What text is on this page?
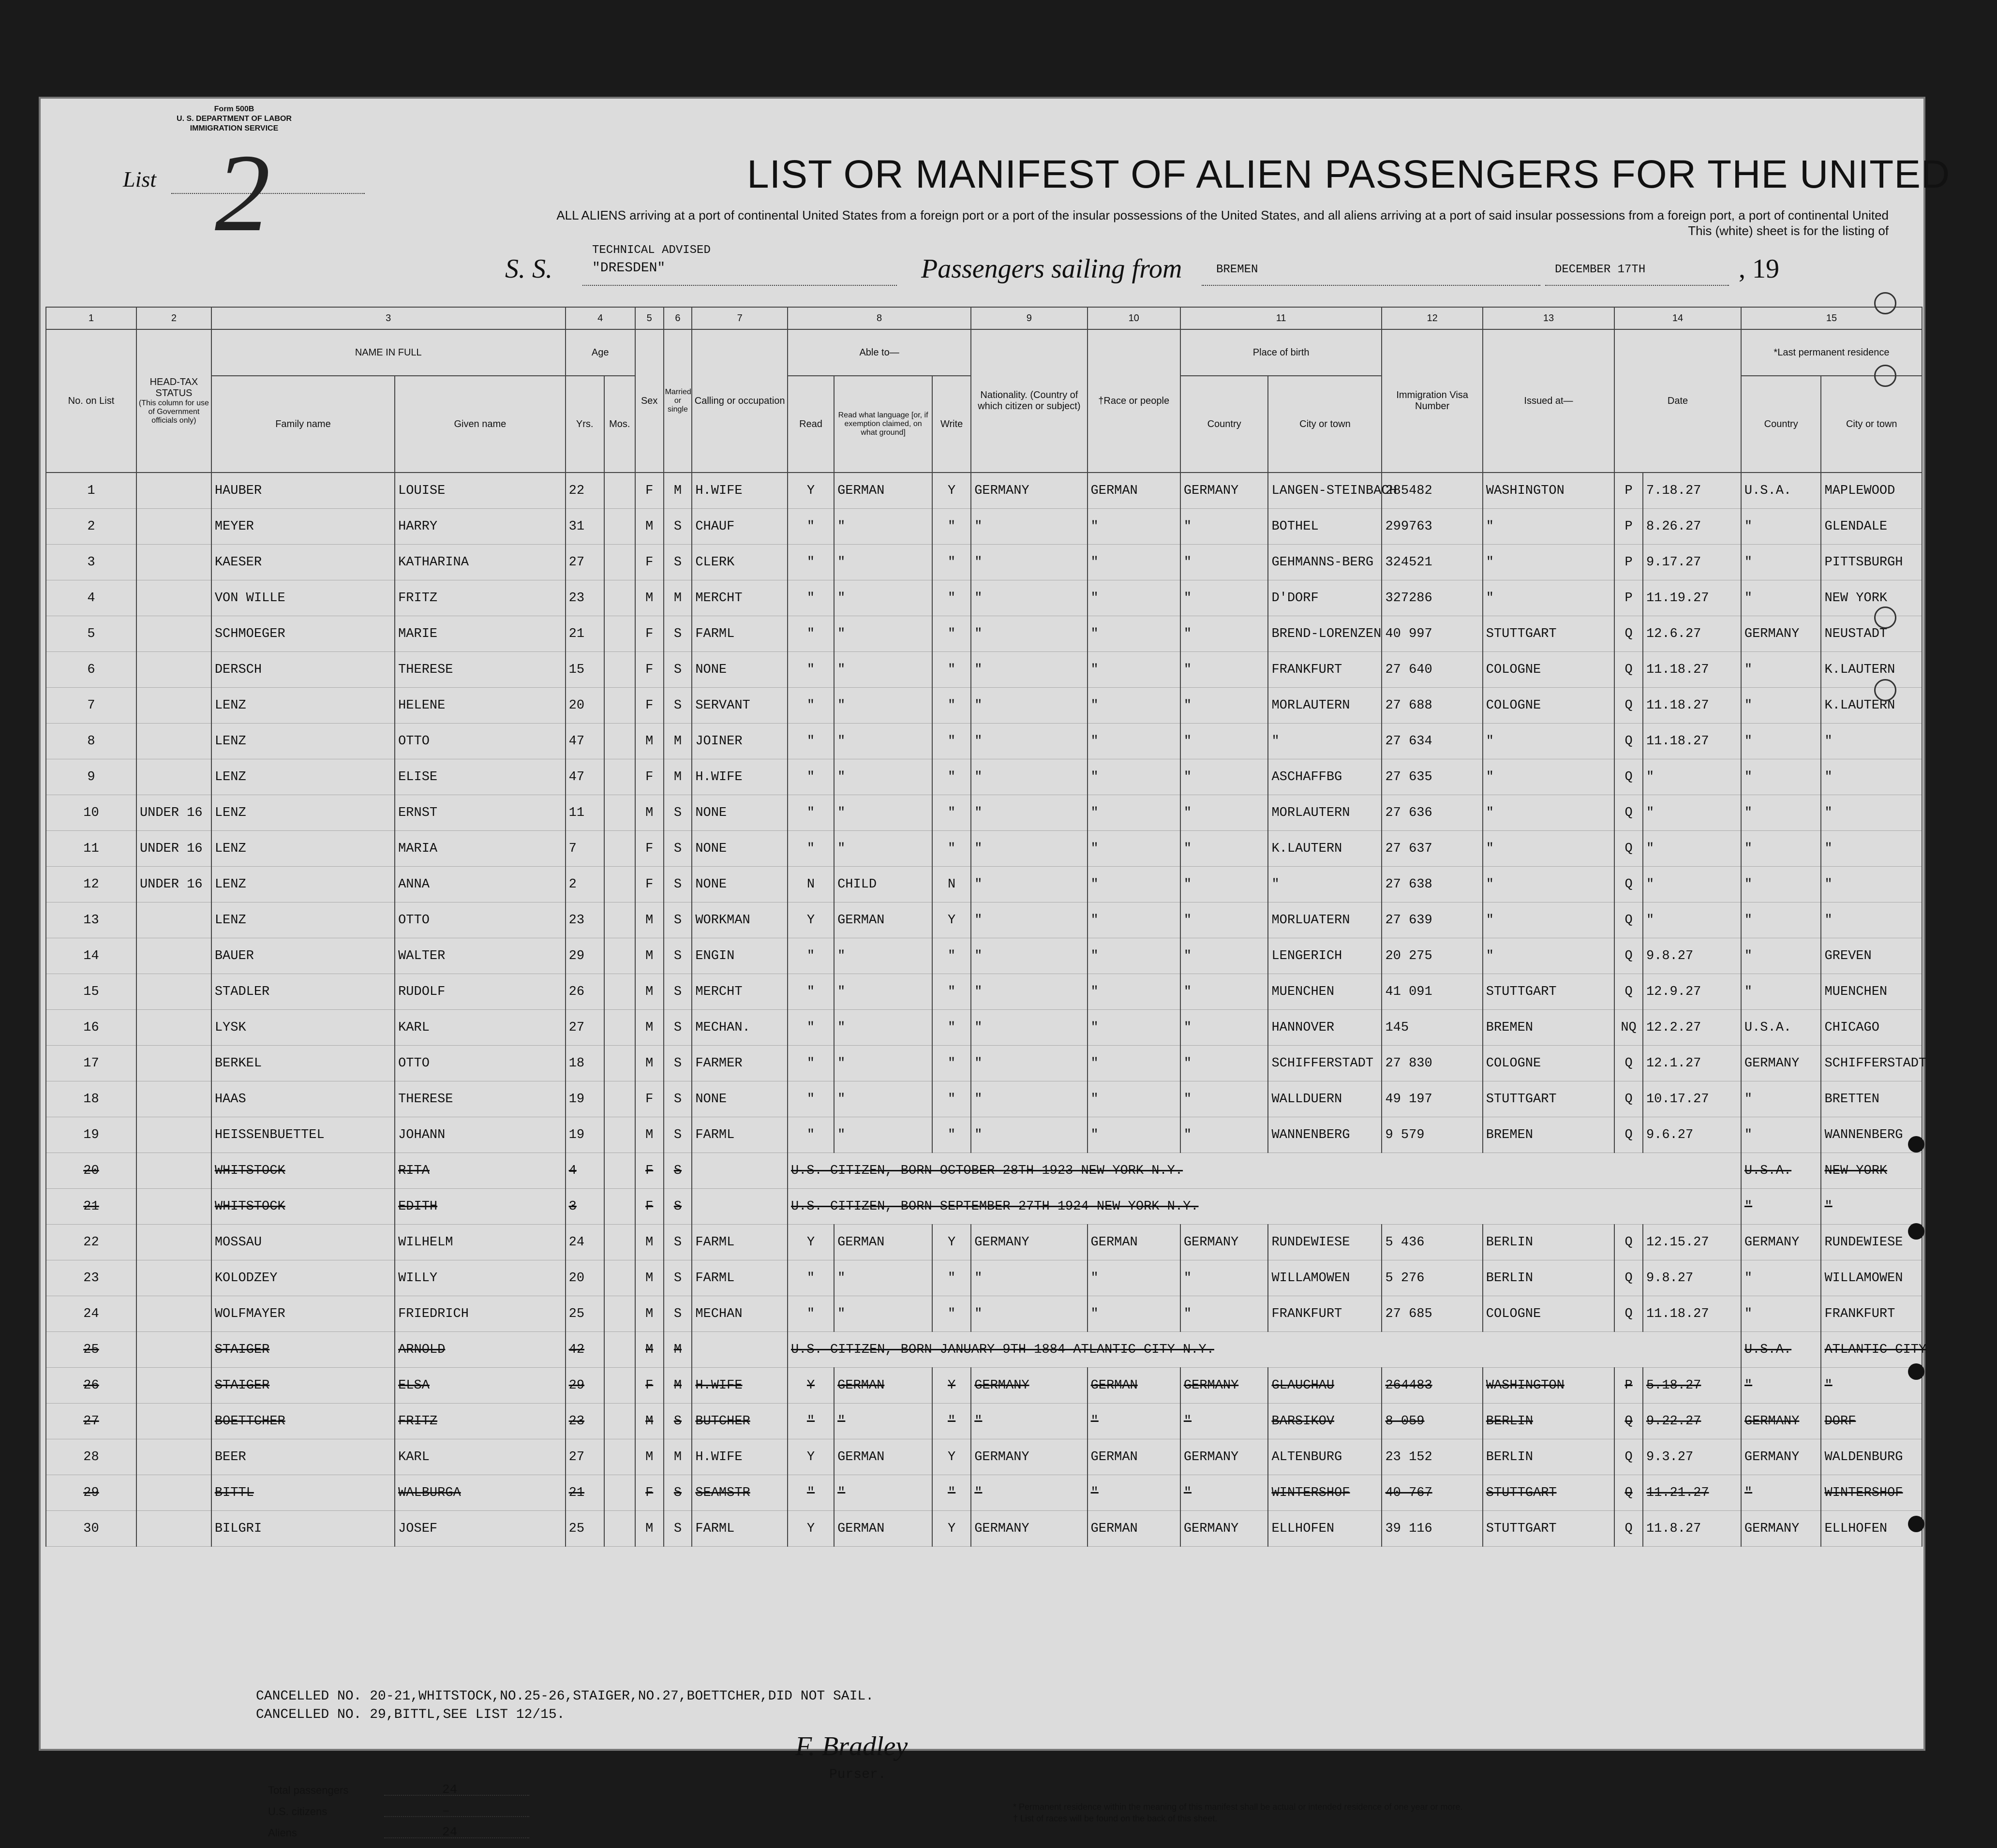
Form 500B
U. S. DEPARTMENT OF LABOR
IMMIGRATION SERVICE
List 2	LIST OR MANIFEST OF ALIEN PASSENGERS FOR THE UNITED
ALL ALIENS arriving at a port of continental United States from a foreign port or a port of the insular possessions of the United States, and all aliens arriving at a port of said insular possessions from a foreign port, a port of continental United
This (white) sheet is for the listing of
S. S.
TECHNICAL ADVISED
"DRESDEN"	Passengers sailing from	BREMEN	DECEMBER 17TH	, 19
1	2	3		4		5	6	7	8			9	10	11		12	13	14		15	
No. on List	HEAD-TAX STATUS
(This column for use of Government officials only)	NAME IN FULL		Age		Sex	Married or single	Calling or occupation	Able to—			Nationality. (Country of which citizen or subject)	†Race or people	Place of birth		Immigration Visa Number	Issued at—	Date		*Last permanent residence	
		Family name	Given name	Yrs.	Mos.				Read	Read what language [or, if exemption claimed, on what ground]	Write			Country	City or town					Country	City or town
1		HAUBER	LOUISE	22		F	M	H.WIFE	Y	GERMAN	Y	GERMANY	GERMAN	GERMANY	LANGEN-STEINBACH	285482	WASHINGTON	P	7.18.27	U.S.A.	MAPLEWOOD
2		MEYER	HARRY	31		M	S	CHAUF	"	"	"	"	"	"	BOTHEL	299763	"	P	8.26.27	"	GLENDALE
3		KAESER	KATHARINA	27		F	S	CLERK	"	"	"	"	"	"	GEHMANNS-BERG	324521	"	P	9.17.27	"	PITTSBURGH
4		VON WILLE	FRITZ	23		M	M	MERCHT	"	"	"	"	"	"	D'DORF	327286	"	P	11.19.27	"	NEW YORK
5		SCHMOEGER	MARIE	21		F	S	FARML	"	"	"	"	"	"	BREND-LORENZEN	40 997	STUTTGART	Q	12.6.27	GERMANY	NEUSTADT
6		DERSCH	THERESE	15		F	S	NONE	"	"	"	"	"	"	FRANKFURT	27 640	COLOGNE	Q	11.18.27	"	K.LAUTERN
7		LENZ	HELENE	20		F	S	SERVANT	"	"	"	"	"	"	MORLAUTERN	27 688	COLOGNE	Q	11.18.27	"	K.LAUTERN
8		LENZ	OTTO	47		M	M	JOINER	"	"	"	"	"	"	"	27 634	"	Q	11.18.27	"	"
9		LENZ	ELISE	47		F	M	H.WIFE	"	"	"	"	"	"	ASCHAFFBG	27 635	"	Q	"	"	"
10	UNDER 16	LENZ	ERNST	11		M	S	NONE	"	"	"	"	"	"	MORLAUTERN	27 636	"	Q	"	"	"
11	UNDER 16	LENZ	MARIA	7		F	S	NONE	"	"	"	"	"	"	K.LAUTERN	27 637	"	Q	"	"	"
12	UNDER 16	LENZ	ANNA	2		F	S	NONE	N	CHILD	N	"	"	"	"	27 638	"	Q	"	"	"
13		LENZ	OTTO	23		M	S	WORKMAN	Y	GERMAN	Y	"	"	"	MORLUATERN	27 639	"	Q	"	"	"
14		BAUER	WALTER	29		M	S	ENGIN	"	"	"	"	"	"	LENGERICH	20 275	"	Q	9.8.27	"	GREVEN
15		STADLER	RUDOLF	26		M	S	MERCHT	"	"	"	"	"	"	MUENCHEN	41 091	STUTTGART	Q	12.9.27	"	MUENCHEN
16		LYSK	KARL	27		M	S	MECHAN.	"	"	"	"	"	"	HANNOVER	145	BREMEN	NQ	12.2.27	U.S.A.	CHICAGO
17		BERKEL	OTTO	18		M	S	FARMER	"	"	"	"	"	"	SCHIFFERSTADT	27 830	COLOGNE	Q	12.1.27	GERMANY	SCHIFFERSTADT
18		HAAS	THERESE	19		F	S	NONE	"	"	"	"	"	"	WALLDUERN	49 197	STUTTGART	Q	10.17.27	"	BRETTEN
19		HEISSENBUETTEL	JOHANN	19		M	S	FARML	"	"	"	"	"	"	WANNENBERG	9 579	BREMEN	Q	9.6.27	"	WANNENBERG
20		WHITSTOCK	RITA	4		F	S		U.S. CITIZEN, BORN OCTOBER 28TH 1923 NEW YORK N.Y.											U.S.A.	NEW YORK
21		WHITSTOCK	EDITH	3		F	S		U.S. CITIZEN, BORN SEPTEMBER 27TH 1924 NEW YORK N.Y.											"	"
22		MOSSAU	WILHELM	24		M	S	FARML	Y	GERMAN	Y	GERMANY	GERMAN	GERMANY	RUNDEWIESE	5 436	BERLIN	Q	12.15.27	GERMANY	RUNDEWIESE
23		KOLODZEY	WILLY	20		M	S	FARML	"	"	"	"	"	"	WILLAMOWEN	5 276	BERLIN	Q	9.8.27	"	WILLAMOWEN
24		WOLFMAYER	FRIEDRICH	25		M	S	MECHAN	"	"	"	"	"	"	FRANKFURT	27 685	COLOGNE	Q	11.18.27	"	FRANKFURT
25		STAIGER	ARNOLD	42		M	M		U.S. CITIZEN, BORN JANUARY 9TH 1884 ATLANTIC CITY N.Y.											U.S.A.	ATLANTIC CITY
26		STAIGER	ELSA	29		F	M	H.WIFE	Y	GERMAN	Y	GERMANY	GERMAN	GERMANY	GLAUCHAU	264483	WASHINGTON	P	5.18.27	"	"
27		BOETTCHER	FRITZ	23		M	S	BUTCHER	"	"	"	"	"	"	BARSIKOV	8 059	BERLIN	Q	9.22.27	GERMANY	DORF
28		BEER	KARL	27		M	M	H.WIFE	Y	GERMAN	Y	GERMANY	GERMAN	GERMANY	ALTENBURG	23 152	BERLIN	Q	9.3.27	GERMANY	WALDENBURG
29		BITTL	WALBURGA	21		F	S	SEAMSTR	"	"	"	"	"	"	WINTERSHOF	40 767	STUTTGART	Q	11.21.27	"	WINTERSHOF
30		BILGRI	JOSEF	25		M	S	FARML	Y	GERMAN	Y	GERMANY	GERMAN	GERMANY	ELLHOFEN	39 116	STUTTGART	Q	11.8.27	GERMANY	ELLHOFEN
CANCELLED NO. 20-21,WHITSTOCK,NO.25-26,STAIGER,NO.27,BOETTCHER,DID NOT SAIL.
CANCELLED NO. 29,BITTL,SEE LIST 12/15.
F. Bradley
Purser.
Total passengers	24
U.S. citizens	–
Aliens	24
* Permanent residence within the meaning of this manifest shall be actual or intended residence of one year or more.
† List of races will be found on the back of this sheet.
